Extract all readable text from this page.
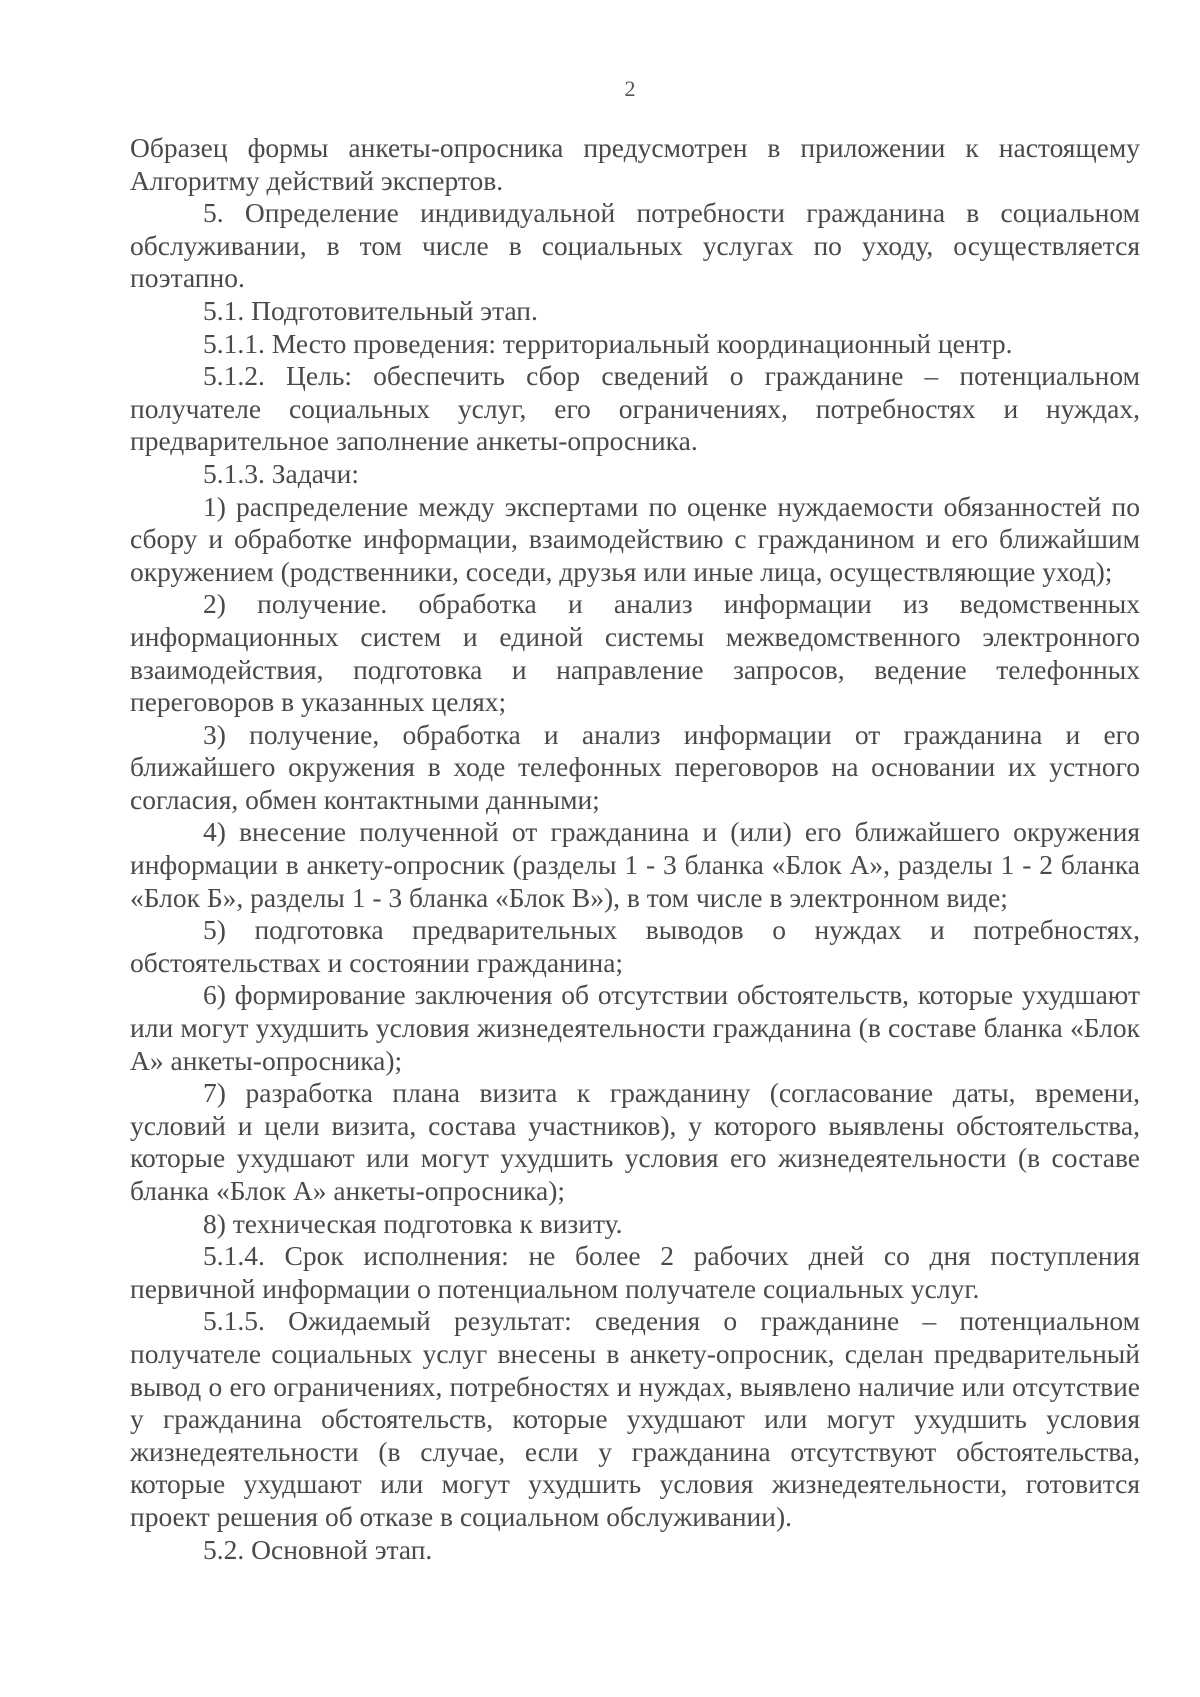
2

Образец формы анкеты-опросника предусмотрен в приложении к настоящему Алгоритму действий экспертов.

5. Определение индивидуальной потребности гражданина в социальном обслуживании, в том числе в социальных услугах по уходу, осуществляется поэтапно.

5.1. Подготовительный этап.

5.1.1. Место проведения: территориальный координационный центр.

5.1.2. Цель: обеспечить сбор сведений о гражданине – потенциальном получателе социальных услуг, его ограничениях, потребностях и нуждах, предварительное заполнение анкеты-опросника.

5.1.3. Задачи:

1) распределение между экспертами по оценке нуждаемости обязанностей по сбору и обработке информации, взаимодействию с гражданином и его ближайшим окружением (родственники, соседи, друзья или иные лица, осуществляющие уход);

2) получение. обработка и анализ информации из ведомственных информационных систем и единой системы межведомственного электронного взаимодействия, подготовка и направление запросов, ведение телефонных переговоров в указанных целях;

3) получение, обработка и анализ информации от гражданина и его ближайшего окружения в ходе телефонных переговоров на основании их устного согласия, обмен контактными данными;

4) внесение полученной от гражданина и (или) его ближайшего окружения информации в анкету-опросник (разделы 1 - 3 бланка «Блок А», разделы 1 - 2 бланка «Блок Б», разделы 1 - 3 бланка «Блок В»), в том числе в электронном виде;

5) подготовка предварительных выводов о нуждах и потребностях, обстоятельствах и состоянии гражданина;

6) формирование заключения об отсутствии обстоятельств, которые ухудшают или могут ухудшить условия жизнедеятельности гражданина (в составе бланка «Блок А» анкеты-опросника);

7) разработка плана визита к гражданину (согласование даты, времени, условий и цели визита, состава участников), у которого выявлены обстоятельства, которые ухудшают или могут ухудшить условия его жизнедеятельности (в составе бланка «Блок А» анкеты-опросника);

8) техническая подготовка к визиту.

5.1.4. Срок исполнения: не более 2 рабочих дней со дня поступления первичной информации о потенциальном получателе социальных услуг.

5.1.5. Ожидаемый результат: сведения о гражданине – потенциальном получателе социальных услуг внесены в анкету-опросник, сделан предварительный вывод о его ограничениях, потребностях и нуждах, выявлено наличие или отсутствие у гражданина обстоятельств, которые ухудшают или могут ухудшить условия жизнедеятельности (в случае, если у гражданина отсутствуют обстоятельства, которые ухудшают или могут ухудшить условия жизнедеятельности, готовится проект решения об отказе в социальном обслуживании).

5.2. Основной этап.
